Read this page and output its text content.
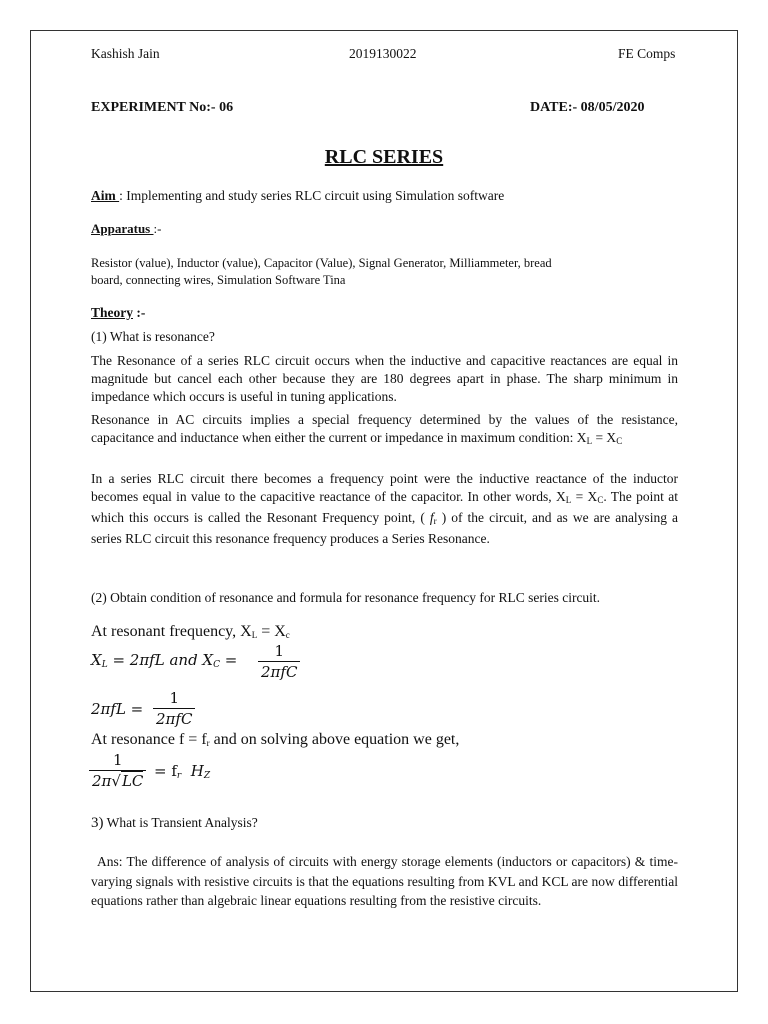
Kashish Jain	2019130022	FE Comps
EXPERIMENT No:- 06	DATE:- 08/05/2020
RLC SERIES
Aim : Implementing and study series RLC circuit using Simulation software
Apparatus :-
Resistor (value), Inductor (value), Capacitor (Value), Signal Generator, Milliammeter, bread
board, connecting wires, Simulation Software Tina
Theory :-
(1) What is resonance?
The Resonance of a series RLC circuit occurs when the inductive and capacitive reactances are equal in magnitude but cancel each other because they are 180 degrees apart in phase. The sharp minimum in impedance which occurs is useful in tuning applications.
Resonance in AC circuits implies a special frequency determined by the values of the resistance, capacitance and inductance when either the current or impedance in maximum condition: $X_L = X_C$
In a series RLC circuit there becomes a frequency point were the inductive reactance of the inductor becomes equal in value to the capacitive reactance of the capacitor. In other words, $X_L = X_C$. The point at which this occurs is called the Resonant Frequency point, ( $f_r$ ) of the circuit, and as we are analysing a series RLC circuit this resonance frequency produces a Series Resonance.
(2) Obtain condition of resonance and formula for resonance frequency for RLC series circuit.
At resonant frequency, $X_L = X_c$
$X_L = 2\pi fL$ and $X_C$ =	1
2πfC
2πfL =
1
2πfC
At resonance $f = f_r$ and on solving above equation we get,
$\frac{1}{2\pi√LC} = f_r$ $H_Z$
3) What is Transient Analysis?
Ans: The difference of analysis of circuits with energy storage elements (inductors or capacitors) & time-varying signals with resistive circuits is that the equations resulting from KVL and KCL are now differential equations rather than algebraic linear equations resulting from the resistive circuits.
